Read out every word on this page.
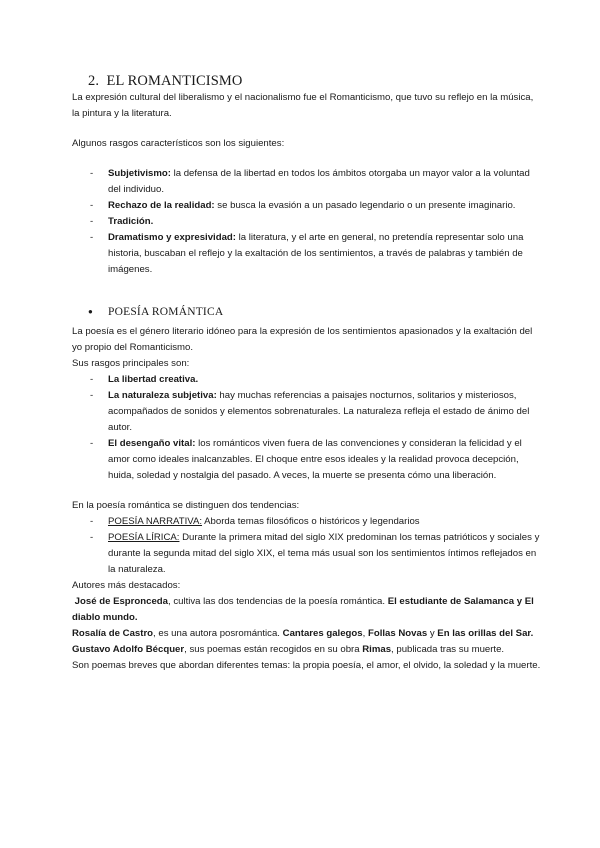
2. EL ROMANTICISMO

La expresión cultural del liberalismo y el nacionalismo fue el Romanticismo, que tuvo su reflejo en la música, la pintura y la literatura.

Algunos rasgos característicos son los siguientes:

- Subjetivismo: la defensa de la libertad en todos los ámbitos otorgaba un mayor valor a la voluntad del individuo.
- Rechazo de la realidad: se busca la evasión a un pasado legendario o un presente imaginario.
- Tradición.
- Dramatismo y expresividad: la literatura, y el arte en general, no pretendía representar solo una historia, buscaban el reflejo y la exaltación de los sentimientos, a través de palabras y también de imágenes.
● POESÍA ROMÁNTICA

La poesía es el género literario idóneo para la expresión de los sentimientos apasionados y la exaltación del yo propio del Romanticismo.

Sus rasgos principales son:

- La libertad creativa.
- La naturaleza subjetiva: hay muchas referencias a paisajes nocturnos, solitarios y misteriosos, acompañados de sonidos y elementos sobrenaturales. La naturaleza refleja el estado de ánimo del autor.
- El desengaño vital: los románticos viven fuera de las convenciones y consideran la felicidad y el amor como ideales inalcanzables. El choque entre esos ideales y la realidad provoca decepción, huida, soledad y nostalgia del pasado. A veces, la muerte se presenta cómo una liberación.

En la poesía romántica se distinguen dos tendencias:

- POESÍA NARRATIVA: Aborda temas filosóficos o históricos y legendarios
- POESÍA LÍRICA: Durante la primera mitad del siglo XIX predominan los temas patrióticos y sociales y durante la segunda mitad del siglo XIX, el tema más usual son los sentimientos íntimos reflejados en la naturaleza.

Autores más destacados:

José de Espronceda, cultiva las dos tendencias de la poesía romántica. El estudiante de Salamanca y El diablo mundo.

Rosalía de Castro, es una autora posromántica. Cantares galegos, Follas Novas y En las orillas del Sar.

Gustavo Adolfo Bécquer, sus poemas están recogidos en su obra Rimas, publicada tras su muerte.

Son poemas breves que abordan diferentes temas: la propia poesía, el amor, el olvido, la soledad y la muerte.
